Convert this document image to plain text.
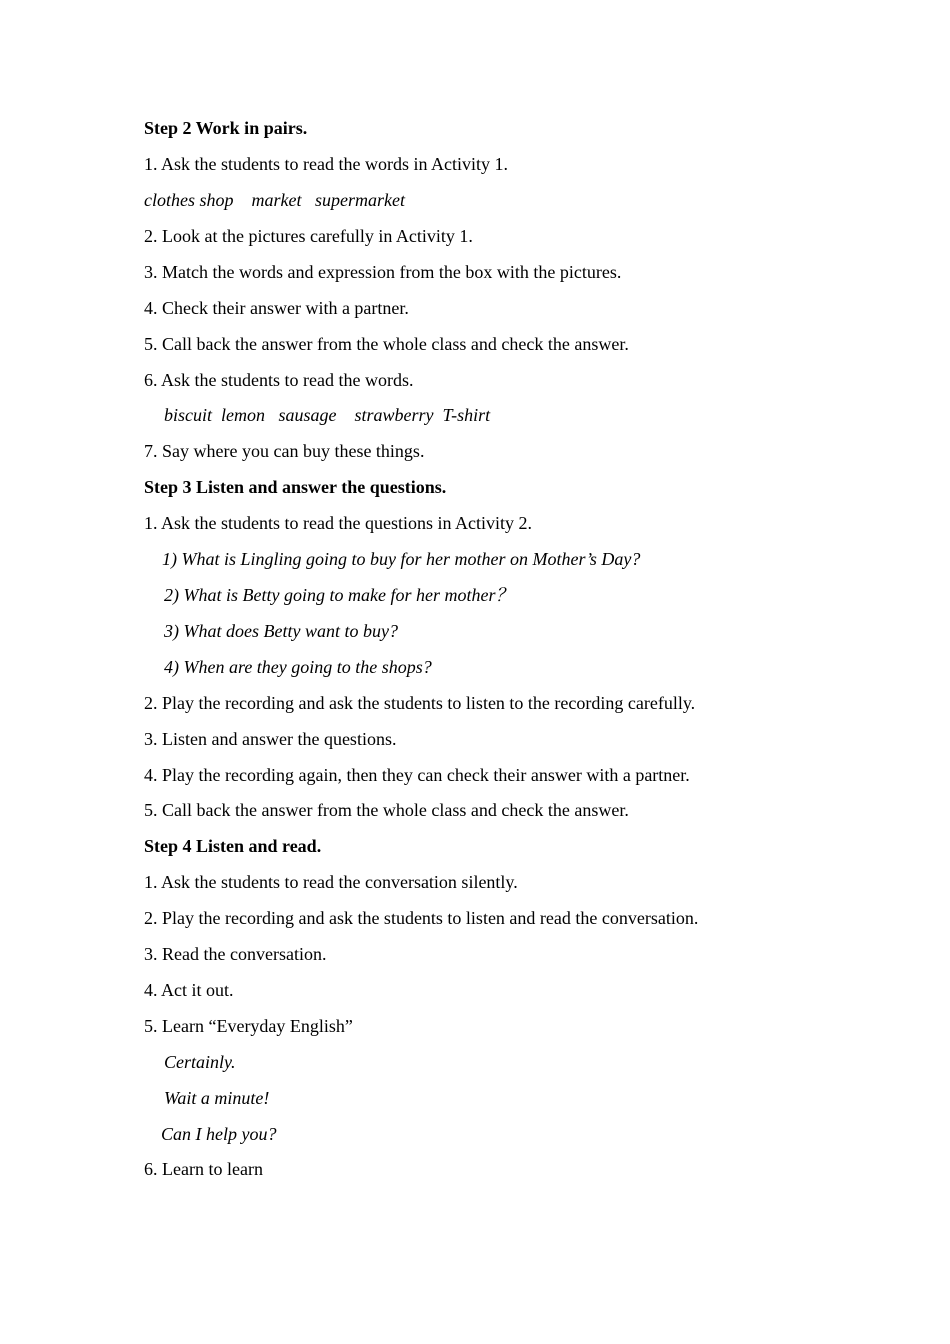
Step 2 Work in pairs.
1. Ask the students to read the words in Activity 1.
clothes shop    market   supermarket
2. Look at the pictures carefully in Activity 1.
3. Match the words and expression from the box with the pictures.
4. Check their answer with a partner.
5. Call back the answer from the whole class and check the answer.
6. Ask the students to read the words.
biscuit  lemon   sausage    strawberry  T-shirt
7. Say where you can buy these things.
Step 3 Listen and answer the questions.
1. Ask the students to read the questions in Activity 2.
1) What is Lingling going to buy for her mother on Mother’s Day?
2) What is Betty going to make for her mother？
3) What does Betty want to buy?
4) When are they going to the shops?
2. Play the recording and ask the students to listen to the recording carefully.
3. Listen and answer the questions.
4. Play the recording again, then they can check their answer with a partner.
5. Call back the answer from the whole class and check the answer.
Step 4 Listen and read.
1. Ask the students to read the conversation silently.
2. Play the recording and ask the students to listen and read the conversation.
3. Read the conversation.
4. Act it out.
5. Learn “Everyday English”
Certainly.
Wait a minute!
Can I help you?
6. Learn to learn
